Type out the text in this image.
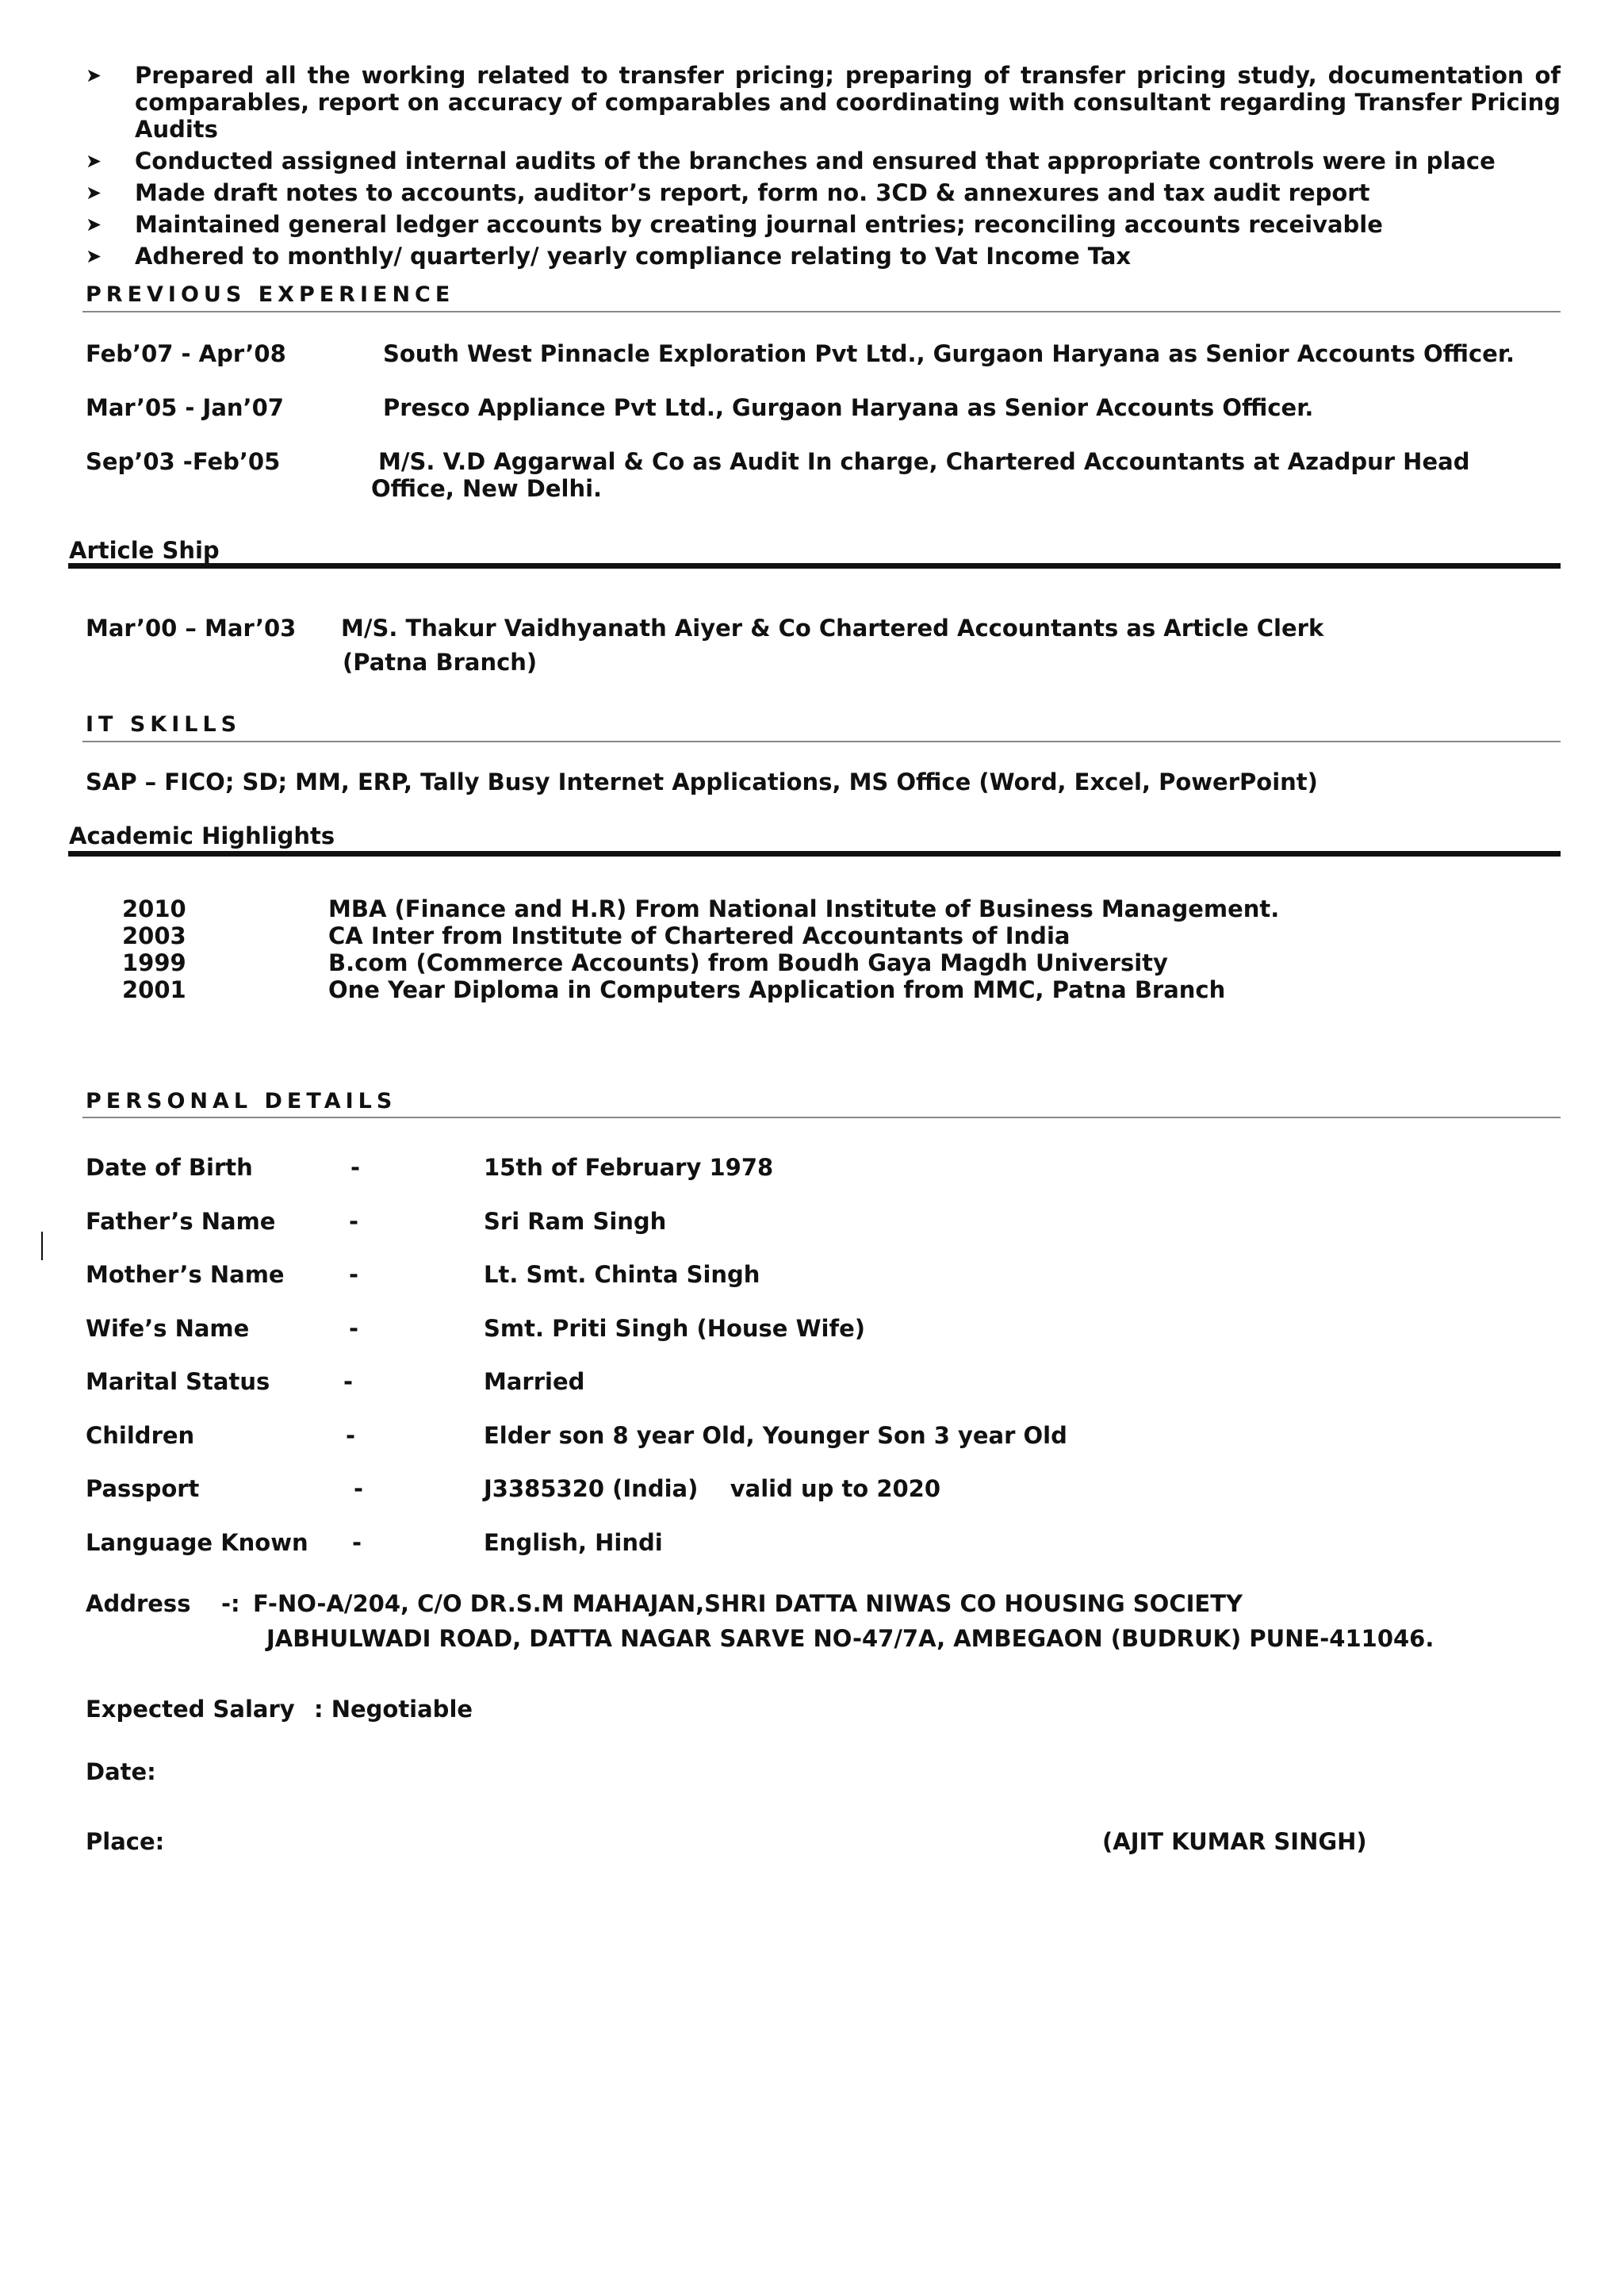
➤ Prepared all the working related to transfer pricing; preparing of transfer pricing study, documentation of comparables, report on accuracy of comparables and coordinating with consultant regarding Transfer Pricing Audits
➤ Conducted assigned internal audits of the branches and ensured that appropriate controls were in place
➤ Made draft notes to accounts, auditor’s report, form no. 3CD & annexures and tax audit report
➤ Maintained general ledger accounts by creating journal entries; reconciling accounts receivable
➤ Adhered to monthly/ quarterly/ yearly compliance relating to Vat Income Tax
PREVIOUS EXPERIENCE
Feb’07 - Apr’08	South West Pinnacle Exploration Pvt Ltd., Gurgaon Haryana as Senior Accounts Officer.
Mar’05 - Jan’07	Presco Appliance Pvt Ltd., Gurgaon Haryana as Senior Accounts Officer.
Sep’03 -Feb’05	M/S. V.D Aggarwal & Co as Audit In charge, Chartered Accountants at Azadpur Head
Office, New Delhi.
Article Ship
Mar’00 – Mar’03 M/S. Thakur Vaidhyanath Aiyer & Co Chartered Accountants as Article Clerk
(Patna Branch)
IT SKILLS
SAP – FICO; SD; MM, ERP, Tally Busy Internet Applications, MS Office (Word, Excel, PowerPoint)
Academic Highlights
2010	MBA (Finance and H.R) From National Institute of Business Management.
2003	CA Inter from Institute of Chartered Accountants of India
1999	B.com (Commerce Accounts) from Boudh Gaya Magdh University
2001	One Year Diploma in Computers Application from MMC, Patna Branch
PERSONAL DETAILS
Date of Birth	-	15th of February 1978
Father’s Name	-	Sri Ram Singh
Mother’s Name	-	Lt. Smt. Chinta Singh
Wife’s Name	-	Smt. Priti Singh (House Wife)
Marital Status	-	Married
Children	-	Elder son 8 year Old, Younger Son 3 year Old
Passport	-	J3385320 (India)    valid up to 2020
Language Known -	English, Hindi
Address -: F-NO-A/204, C/O DR.S.M MAHAJAN,SHRI DATTA NIWAS CO HOUSING SOCIETY
JABHULWADI ROAD, DATTA NAGAR SARVE NO-47/7A, AMBEGAON (BUDRUK) PUNE-411046.
Expected Salary : Negotiable
Date:
Place:	(AJIT KUMAR SINGH)
